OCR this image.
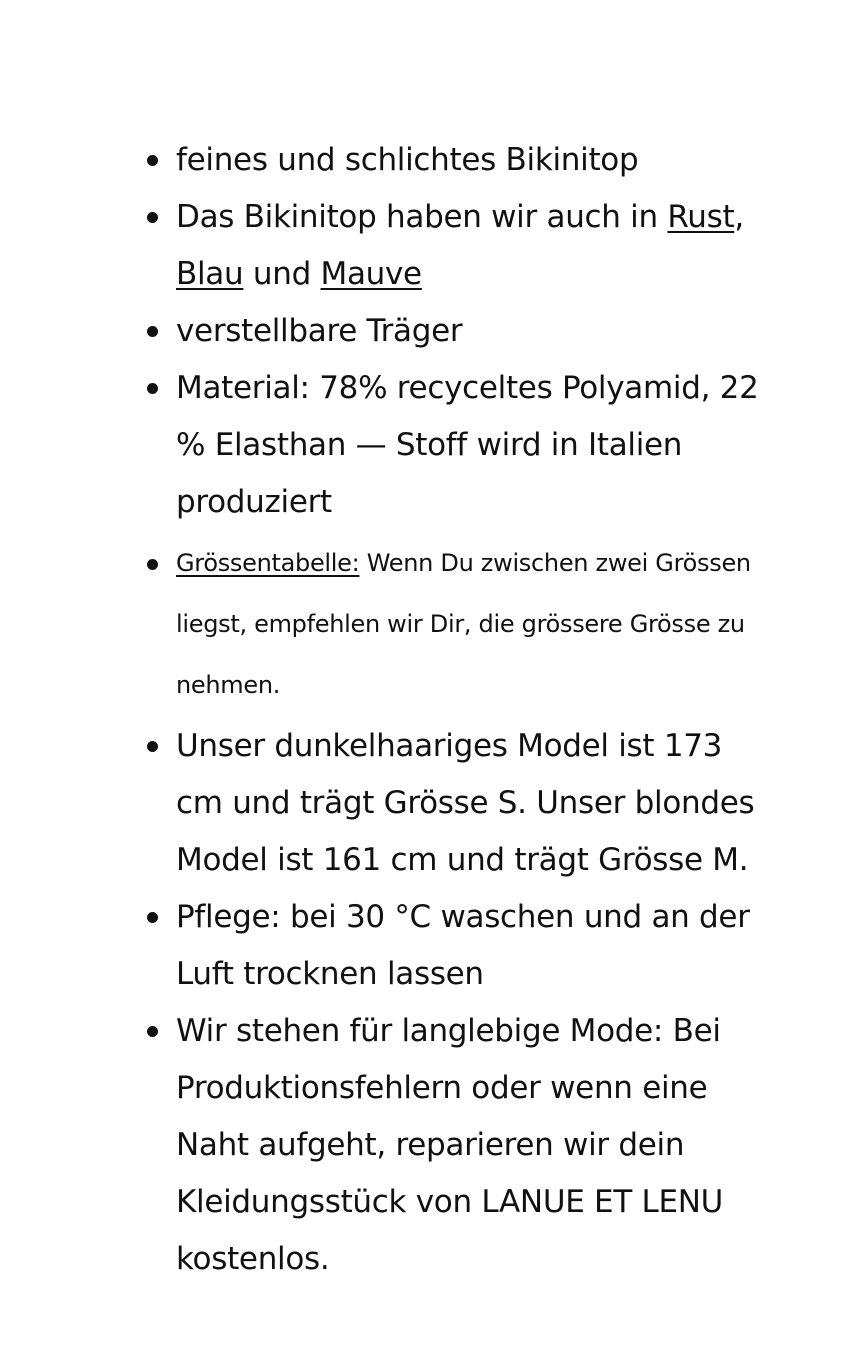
feines und schlichtes Bikinitop
Das Bikinitop haben wir auch in Rust, Blau und Mauve
verstellbare Träger
Material: 78% recyceltes Polyamid, 22 % Elasthan — Stoff wird in Italien produziert
Grössentabelle: Wenn Du zwischen zwei Grössen liegst, empfehlen wir Dir, die grössere Grösse zu nehmen.
Unser dunkelhaariges Model ist 173 cm und trägt Grösse S. Unser blondes Model ist 161 cm und trägt Grösse M.
Pflege: bei 30 °C waschen und an der Luft trocknen lassen
Wir stehen für langlebige Mode: Bei Produktionsfehlern oder wenn eine Naht aufgeht, reparieren wir dein Kleidungsstück von LANUE ET LENU kostenlos.
